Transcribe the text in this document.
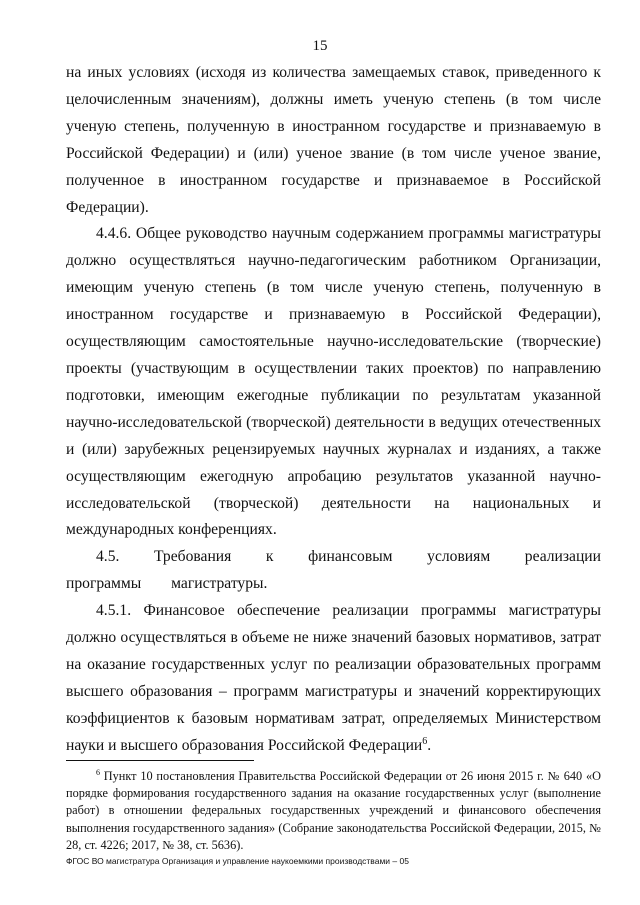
15

на иных условиях (исходя из количества замещаемых ставок, приведенного к целочисленным значениям), должны иметь ученую степень (в том числе ученую степень, полученную в иностранном государстве и признаваемую в Российской Федерации) и (или) ученое звание (в том числе ученое звание, полученное в иностранном государстве и признаваемое в Российской Федерации).

4.4.6. Общее руководство научным содержанием программы магистратуры должно осуществляться научно-педагогическим работником Организации, имеющим ученую степень (в том числе ученую степень, полученную в иностранном государстве и признаваемую в Российской Федерации), осуществляющим самостоятельные научно-исследовательские (творческие) проекты (участвующим в осуществлении таких проектов) по направлению подготовки, имеющим ежегодные публикации по результатам указанной научно-исследовательской (творческой) деятельности в ведущих отечественных и (или) зарубежных рецензируемых научных журналах и изданиях, а также осуществляющим ежегодную апробацию результатов указанной научно-исследовательской (творческой) деятельности на национальных и международных конференциях.

4.5. Требования к финансовым условиям реализации программы магистратуры.

4.5.1. Финансовое обеспечение реализации программы магистратуры должно осуществляться в объеме не ниже значений базовых нормативов, затрат на оказание государственных услуг по реализации образовательных программ высшего образования – программ магистратуры и значений корректирующих коэффициентов к базовым нормативам затрат, определяемых Министерством науки и высшего образования Российской Федерации$^6$.

$^6$ Пункт 10 постановления Правительства Российской Федерации от 26 июня 2015 г. № 640 «О порядке формирования государственного задания на оказание государственных услуг (выполнение работ) в отношении федеральных государственных учреждений и финансового обеспечения выполнения государственного задания» (Собрание законодательства Российской Федерации, 2015, № 28, ст. 4226; 2017, № 38, ст. 5636).

ФГОС ВО магистратура Организация и управление наукоемкими производствами – 05
